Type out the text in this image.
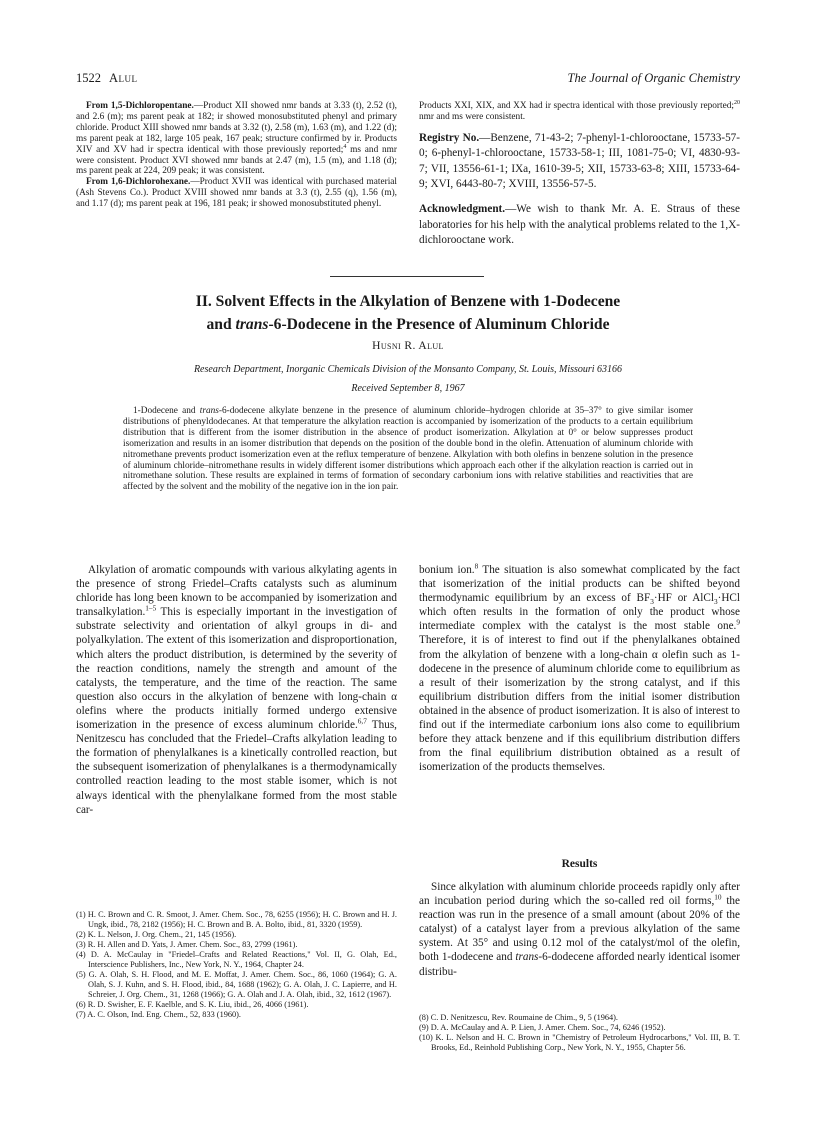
1522 Alul	The Journal of Organic Chemistry

From 1,5-Dichloropentane.—Product XII showed nmr bands at 3.33 (t), 2.52 (t), and 2.6 (m); ms parent peak at 182; ir showed monosubstituted phenyl and primary chloride. Product XIII showed nmr bands at 3.32 (t), 2.58 (m), 1.63 (m), and 1.22 (d); ms parent peak at 182, large 105 peak, 167 peak; structure confirmed by ir. Products XIV and XV had ir spectra identical with those previously reported;$^4$ ms and nmr were consistent. Product XVI showed nmr bands at 2.47 (m), 1.5 (m), and 1.18 (d); ms parent peak at 224, 209 peak; it was consistent.

From 1,6-Dichlorohexane.—Product XVII was identical with purchased material (Ash Stevens Co.). Product XVIII showed nmr bands at 3.3 (t), 2.55 (q), 1.56 (m), and 1.17 (d); ms parent peak at 196, 181 peak; ir showed monosubstituted phenyl.

Products XXI, XIX, and XX had ir spectra identical with those previously reported;$^{20}$ nmr and ms were consistent.

Registry No.—Benzene, 71-43-2; 7-phenyl-1-chlorooctane, 15733-57-0; 6-phenyl-1-chlorooctane, 15733-58-1; III, 1081-75-0; VI, 4830-93-7; VII, 13556-61-1; IXa, 1610-39-5; XII, 15733-63-8; XIII, 15733-64-9; XVI, 6443-80-7; XVIII, 13556-57-5.

Acknowledgment.—We wish to thank Mr. A. E. Straus of these laboratories for his help with the analytical problems related to the 1,X-dichlorooctane work.

II. Solvent Effects in the Alkylation of Benzene with 1-Dodecene
and trans-6-Dodecene in the Presence of Aluminum Chloride
Husni R. Alul
Research Department, Inorganic Chemicals Division of the Monsanto Company, St. Louis, Missouri 63166
Received September 8, 1967

1-Dodecene and trans-6-dodecene alkylate benzene in the presence of aluminum chloride–hydrogen chloride at 35–37° to give similar isomer distributions of phenyldodecanes. At that temperature the alkylation reaction is accompanied by isomerization of the products to a certain equilibrium distribution that is different from the isomer distribution in the absence of product isomerization. Alkylation at 0° or below suppresses product isomerization and results in an isomer distribution that depends on the position of the double bond in the olefin. Attenuation of aluminum chloride with nitromethane prevents product isomerization even at the reflux temperature of benzene. Alkylation with both olefins in benzene solution in the presence of aluminum chloride–nitromethane results in widely different isomer distributions which approach each other if the alkylation reaction is carried out in nitromethane solution. These results are explained in terms of formation of secondary carbonium ions with relative stabilities and reactivities that are affected by the solvent and the mobility of the negative ion in the ion pair.

Alkylation of aromatic compounds with various alkylating agents in the presence of strong Friedel–Crafts catalysts such as aluminum chloride has long been known to be accompanied by isomerization and transalkylation.$^{1-5}$ This is especially important in the investigation of substrate selectivity and orientation of alkyl groups in di- and polyalkylation. The extent of this isomerization and disproportionation, which alters the product distribution, is determined by the severity of the reaction conditions, namely the strength and amount of the catalysts, the temperature, and the time of the reaction. The same question also occurs in the alkylation of benzene with long-chain α olefins where the products initially formed undergo extensive isomerization in the presence of excess aluminum chloride.$^{6,7}$ Thus, Nenitzescu has concluded that the Friedel–Crafts alkylation leading to the formation of phenylalkanes is a kinetically controlled reaction, but the subsequent isomerization of phenylalkanes is a thermodynamically controlled reaction leading to the most stable isomer, which is not always identical with the phenylalkane formed from the most stable car-

bonium ion.$^8$ The situation is also somewhat complicated by the fact that isomerization of the initial products can be shifted beyond thermodynamic equilibrium by an excess of $BF_3\cdot HF$ or AlCl$_3$·HCl which often results in the formation of only the product whose intermediate complex with the catalyst is the most stable one.$^9$ Therefore, it is of interest to find out if the phenylalkanes obtained from the alkylation of benzene with a long-chain α olefin such as 1-dodecene in the presence of aluminum chloride come to equilibrium as a result of their isomerization by the strong catalyst, and if this equilibrium distribution differs from the initial isomer distribution obtained in the absence of product isomerization. It is also of interest to find out if the intermediate carbonium ions also come to equilibrium before they attack benzene and if this equilibrium distribution differs from the final equilibrium distribution obtained as a result of isomerization of the products themselves.

Results

Since alkylation with aluminum chloride proceeds rapidly only after an incubation period during which the so-called red oil forms,$^{10}$ the reaction was run in the presence of a small amount (about 20% of the catalyst) of a catalyst layer from a previous alkylation of the same system. At 35° and using 0.12 mol of the catalyst/mol of the olefin, both 1-dodecene and trans-6-dodecene afforded nearly identical isomer distribu-

(1) H. C. Brown and C. R. Smoot, J. Amer. Chem. Soc., 78, 6255 (1956); H. C. Brown and H. J. Ungk, ibid., 78, 2182 (1956); H. C. Brown and B. A. Bolto, ibid., 81, 3320 (1959).

(2) K. L. Nelson, J. Org. Chem., 21, 145 (1956).

(3) R. H. Allen and D. Yats, J. Amer. Chem. Soc., 83, 2799 (1961).

(4) D. A. McCaulay in "Friedel–Crafts and Related Reactions," Vol. II, G. Olah, Ed., Interscience Publishers, Inc., New York, N. Y., 1964, Chapter 24.

(5) G. A. Olah, S. H. Flood, and M. E. Moffat, J. Amer. Chem. Soc., 86, 1060 (1964); G. A. Olah, S. J. Kuhn, and S. H. Flood, ibid., 84, 1688 (1962); G. A. Olah, J. C. Lapierre, and H. Schreier, J. Org. Chem., 31, 1268 (1966); G. A. Olah and J. A. Olah, ibid., 32, 1612 (1967).

(6) R. D. Swisher, E. F. Kaelble, and S. K. Liu, ibid., 26, 4066 (1961).

(7) A. C. Olson, Ind. Eng. Chem., 52, 833 (1960).	(8) C. D. Nenitzescu, Rev. Roumaine de Chim., 9, 5 (1964).

(9) D. A. McCaulay and A. P. Lien, J. Amer. Chem. Soc., 74, 6246 (1952).

(10) K. L. Nelson and H. C. Brown in "Chemistry of Petroleum Hydrocarbons," Vol. III, B. T. Brooks, Ed., Reinhold Publishing Corp., New York, N. Y., 1955, Chapter 56.
